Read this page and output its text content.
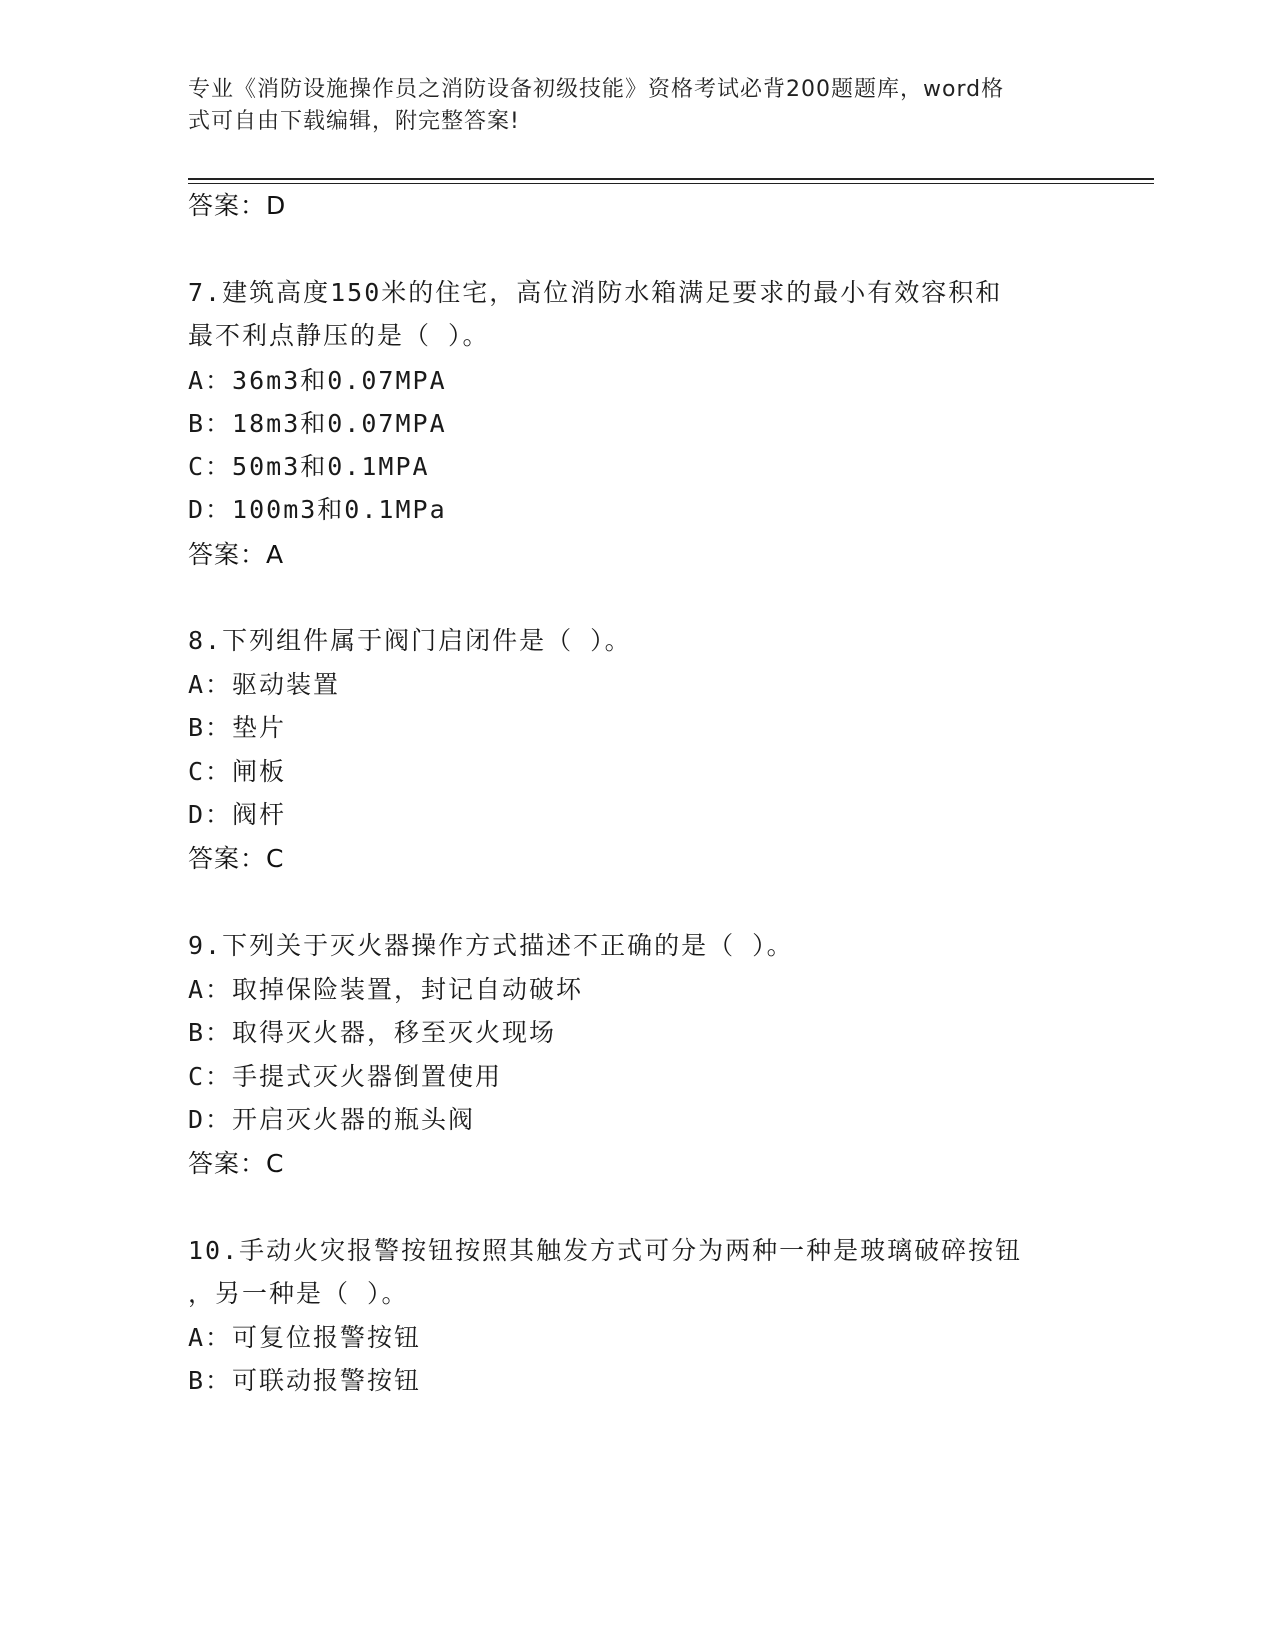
专业《消防设施操作员之消防设备初级技能》资格考试必背200题题库，word格
式可自由下载编辑，附完整答案!
答案：D
7.建筑高度150米的住宅，高位消防水箱满足要求的最小有效容积和
最不利点静压的是（ ）。
A：36m3和0.07MPA
B：18m3和0.07MPA
C：50m3和0.1MPA
D：100m3和0.1MPa
答案：A
8.下列组件属于阀门启闭件是（ ）。
A：驱动装置
B：垫片
C：闸板
D：阀杆
答案：C
9.下列关于灭火器操作方式描述不正确的是（ ）。
A：取掉保险装置，封记自动破坏
B：取得灭火器，移至灭火现场
C：手提式灭火器倒置使用
D：开启灭火器的瓶头阀
答案：C
10.手动火灾报警按钮按照其触发方式可分为两种一种是玻璃破碎按钮
，另一种是（ ）。
A：可复位报警按钮
B：可联动报警按钮
